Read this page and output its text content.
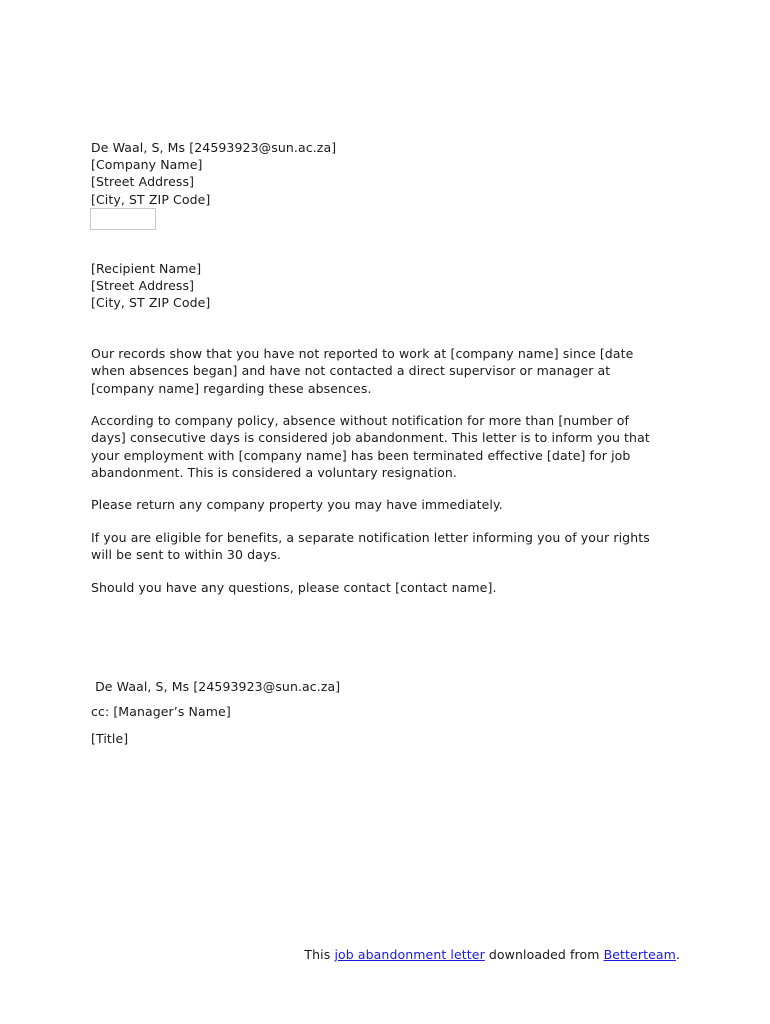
De Waal, S, Ms [24593923@sun.ac.za]
[Company Name]
[Street Address]
[City, ST ZIP Code]
[Recipient Name]
[Street Address]
[City, ST ZIP Code]
Our records show that you have not reported to work at [company name] since [date
when absences began] and have not contacted a direct supervisor or manager at
[company name] regarding these absences.
According to company policy, absence without notification for more than [number of
days] consecutive days is considered job abandonment. This letter is to inform you that
your employment with [company name] has been terminated effective [date] for job
abandonment. This is considered a voluntary resignation.
Please return any company property you may have immediately.
If you are eligible for benefits, a separate notification letter informing you of your rights
will be sent to within 30 days.
Should you have any questions, please contact [contact name].

De Waal, S, Ms [24593923@sun.ac.za]

[Title]

cc: [Manager’s Name]
This job abandonment letter downloaded from Betterteam.
